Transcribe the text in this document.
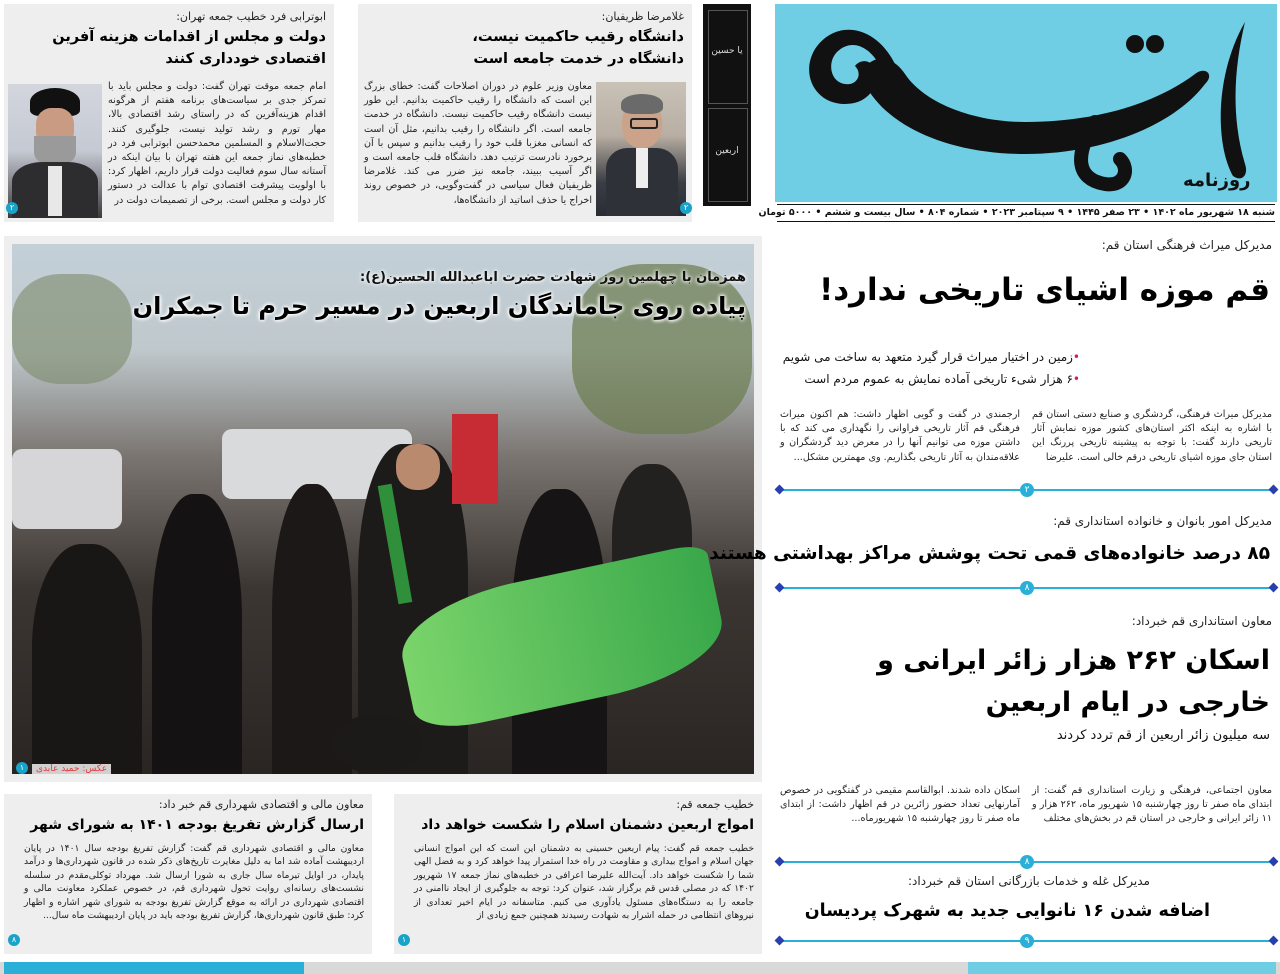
روزنامه
شنبه ۱۸ شهریور ماه ۱۴۰۲ • ۲۳ صفر ۱۴۴۵ • ۹ سپتامبر ۲۰۲۳ • شماره ۸۰۴ • سال بیست و ششم • ۵۰۰۰ تومان
یا حسین
اربعین
غلامرضا ظریفیان:
دانشگاه رقیب حاکمیت نیست، دانشگاه در خدمت جامعه است
۲
معاون وزیر علوم در دوران اصلاحات گفت: خطای بزرگ این است که دانشگاه را رقیب حاکمیت بدانیم. این طور نیست دانشگاه رقیب حاکمیت نیست. دانشگاه در خدمت جامعه است. اگر دانشگاه را رقیب بدانیم، مثل آن است که انسانی مغزبا قلب خود را رقیب بدانیم و سپس با آن برخورد نادرست ترتیب دهد. دانشگاه قلب جامعه است و اگر آسیب ببیند، جامعه نیز ضرر می کند. غلامرضا ظریفیان فعال سیاسی در گفت‌وگویی، در خصوص روند اخراج یا حذف اساتید از دانشگاه‌ها،
ابوترابی فرد خطیب جمعه تهران:
دولت و مجلس از اقدامات هزینه آفرین اقتصادی خودداری کنند
۲
امام جمعه موقت تهران گفت: دولت و مجلس باید با تمرکز جدی بر سیاست‌های برنامه هفتم از هرگونه اقدام هزینه‌آفرین که در راستای رشد اقتصادی بالا، مهار تورم و رشد تولید نیست، جلوگیری کنند. حجت‌الاسلام و المسلمین محمدحسن ابوترابی فرد در خطبه‌های نماز جمعه این هفته تهران با بیان اینکه در آستانه سال سوم فعالیت دولت قرار داریم، اظهار کرد: با اولویت پیشرفت اقتصادی توام با عدالت در دستور کار دولت و مجلس است. برخی از تصمیمات دولت در
همزمان با چهلمین روز شهادت حضرت اباعبدالله الحسین(ع):
پیاده روی جاماندگان اربعین در مسیر حرم تا جمکران
عکس: حمید عابدی
۱
مدیرکل میراث فرهنگی استان قم:
قم موزه اشیای تاریخی ندارد!
•زمین در اختیار میراث قرار گیرد متعهد به ساخت می شویم
•۶ هزار شیء تاریخی آماده نمایش به عموم مردم است
مدیرکل میراث فرهنگی، گردشگری و صنایع دستی استان قم با اشاره به اینکه اکثر استان‌های کشور موزه نمایش آثار تاریخی دارند گفت: با توجه به پیشینه تاریخی پررنگ این استان جای موزه اشیای تاریخی درقم خالی است. علیرضا
ارجمندی در گفت و گویی اظهار داشت: هم اکنون میراث فرهنگی قم آثار تاریخی فراوانی را نگهداری می کند که با داشتن موزه می توانیم آنها را در معرض دید گردشگران و علاقه‌مندان به آثار تاریخی بگذاریم. وی مهمترین مشکل...
۲
مدیرکل امور بانوان و خانواده استانداری قم:
۸۵ درصد خانواده‌های قمی تحت پوشش مراکز بهداشتی هستند
۸
معاون استانداری قم خبرداد:
اسکان ۲۶۲ هزار زائر ایرانی و خارجی در ایام اربعین
سه میلیون زائر اربعین از قم تردد کردند
معاون اجتماعی، فرهنگی و زیارت استانداری قم گفت: از ابتدای ماه صفر تا روز چهارشنبه ۱۵ شهریور ماه، ۲۶۲ هزار و ۱۱ زائر ایرانی و خارجی در استان قم در بخش‌های مختلف
اسکان داده شدند. ابوالقاسم مقیمی در گفتگویی در خصوص آمارنهایی تعداد حضور زائرین در قم اظهار داشت: از ابتدای ماه صفر تا روز چهارشنبه ۱۵ شهریورماه...
۸
مدیرکل غله و خدمات بازرگانی استان قم خبرداد:
اضافه شدن ۱۶ نانوایی جدید به شهرک پردیسان
۹
خطیب جمعه قم:
امواج اربعین دشمنان اسلام را شکست خواهد داد
خطیب جمعه قم گفت: پیام اربعین حسینی به دشمنان این است که این امواج انسانی جهان اسلام و امواج بیداری و مقاومت در راه خدا استمرار پیدا خواهد کرد و به فضل الهی شما را شکست خواهد داد. آیت‌الله علیرضا اعرافی در خطبه‌های نماز جمعه ۱۷ شهریور ۱۴۰۲ که در مصلی قدس قم برگزار شد، عنوان کرد: توجه به جلوگیری از ایجاد ناامنی در جامعه را به دستگاه‌های مسئول یادآوری می کنیم. متاسفانه در ایام اخیر تعدادی از نیروهای انتظامی در حمله اشرار به شهادت رسیدند همچنین جمع زیادی از
۱
معاون مالی و اقتصادی شهرداری قم خبر داد:
ارسال گزارش تفریغ بودجه ۱۴۰۱ به شورای شهر
معاون مالی و اقتصادی شهرداری قم گفت: گزارش تفریغ بودجه سال ۱۴۰۱ در پایان اردیبهشت آماده شد اما به دلیل مغایرت تاریخ‌های ذکر شده در قانون شهرداری‌ها و درآمد پایدار، در اوایل تیرماه سال جاری به شورا ارسال شد. مهرداد توکلی‌مقدم در سلسله نشست‌های رسانه‌ای روایت تحول شهرداری قم، در خصوص عملکرد معاونت مالی و اقتصادی شهرداری در ارائه به موقع گزارش تفریغ بودجه به شورای شهر اشاره و اظهار کرد: طبق قانون شهرداری‌ها، گزارش تفریغ بودجه باید در پایان اردیبهشت ماه سال...
۸
